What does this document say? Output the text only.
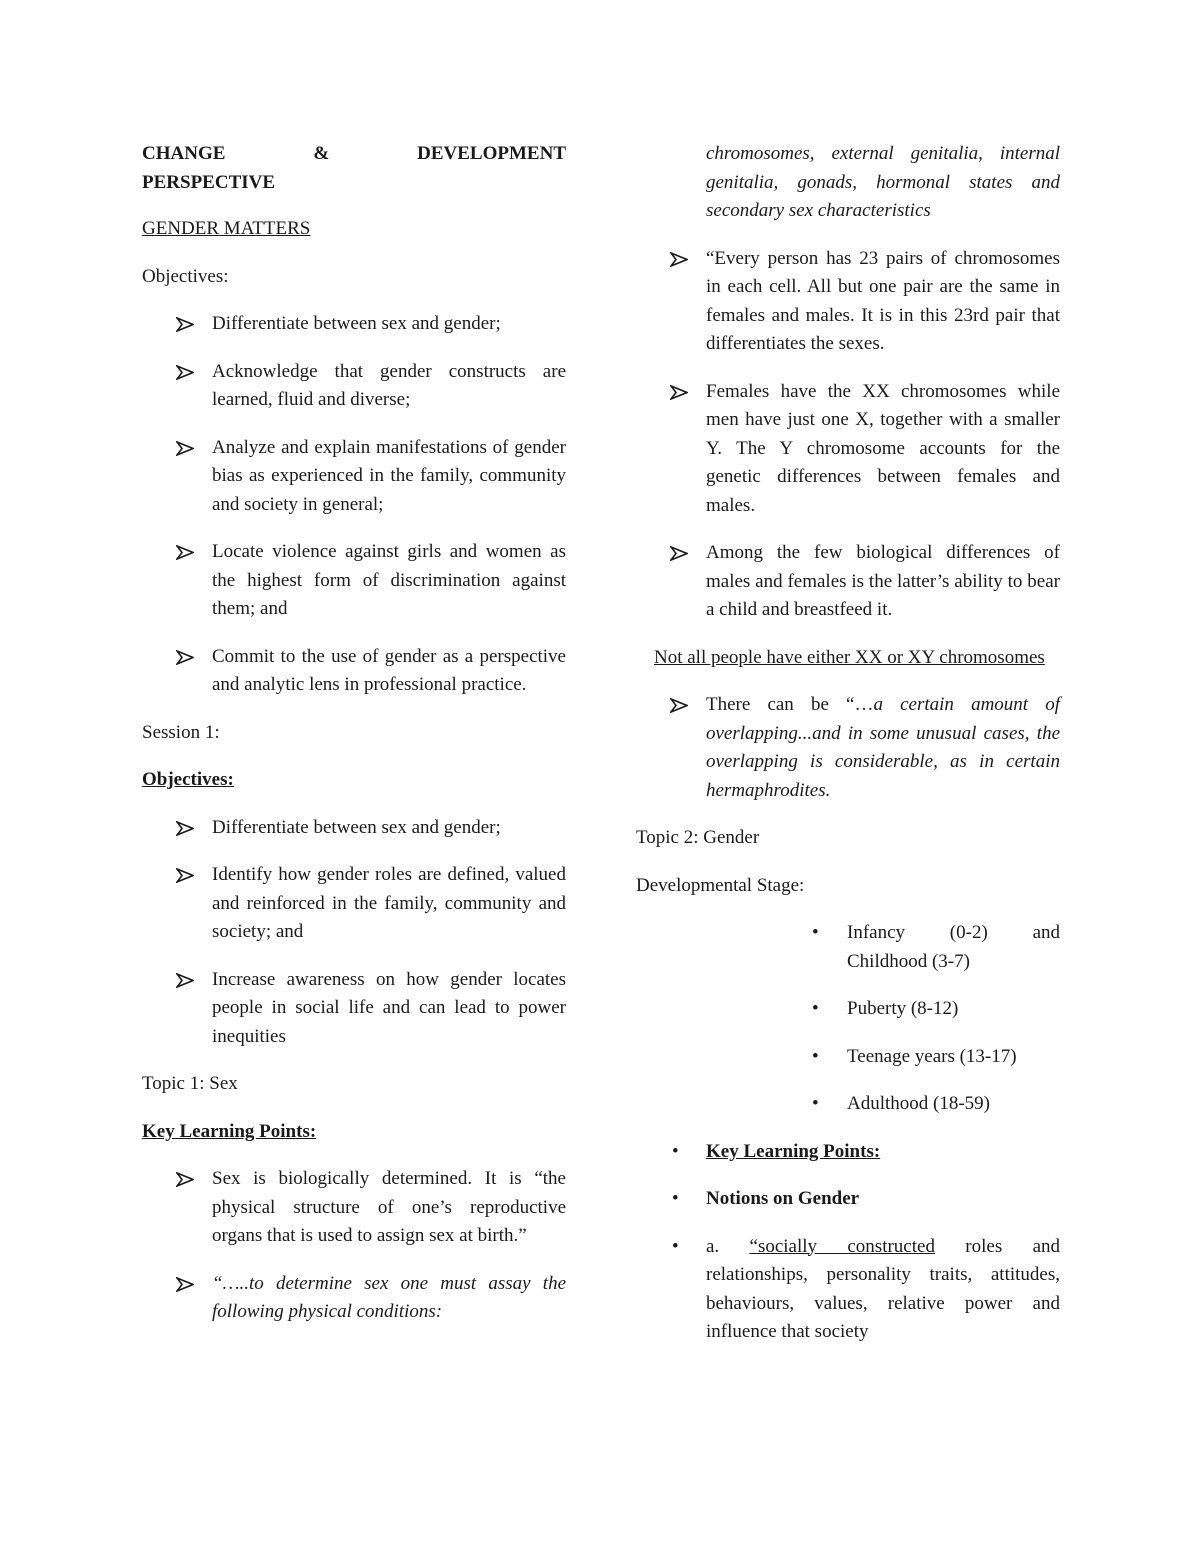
CHANGE	&	DEVELOPMENT
PERSPECTIVE

GENDER MATTERS

Objectives:

Differentiate between sex and gender;
Acknowledge that gender constructs are learned, fluid and diverse;
Analyze and explain manifestations of gender bias as experienced in the family, community and society in general;
Locate violence against girls and women as the highest form of discrimination against them; and
Commit to the use of gender as a perspective and analytic lens in professional practice.

Session 1:

Objectives:

Differentiate between sex and gender;
Identify how gender roles are defined, valued and reinforced in the family, community and society; and
Increase awareness on how gender locates people in social life and can lead to power inequities

Topic 1: Sex

Key Learning Points:

Sex is biologically determined. It is “the physical structure of one’s reproductive organs that is used to assign sex at birth.”
“…..to determine sex one must assay the following physical conditions:
chromosomes, external genitalia, internal genitalia, gonads, hormonal states and secondary sex characteristics
“Every person has 23 pairs of chromosomes in each cell. All but one pair are the same in females and males. It is in this 23rd pair that differentiates the sexes.
Females have the XX chromosomes while men have just one X, together with a smaller Y. The Y chromosome accounts for the genetic differences between females and males.
Among the few biological differences of males and females is the latter’s ability to bear a child and breastfeed it.

Not all people have either XX or XY chromosomes

There can be “…a certain amount of overlapping...and in some unusual cases, the overlapping is considerable, as in certain hermaphrodites.

Topic 2: Gender

Developmental Stage:

• Infancy (0-2) and Childhood (3-7)
• Puberty (8-12)
• Teenage years (13-17)
• Adulthood (18-59)
• Key Learning Points:
• Notions on Gender
• a. “socially constructed roles and relationships, personality traits, attitudes, behaviours, values, relative power and influence that society
